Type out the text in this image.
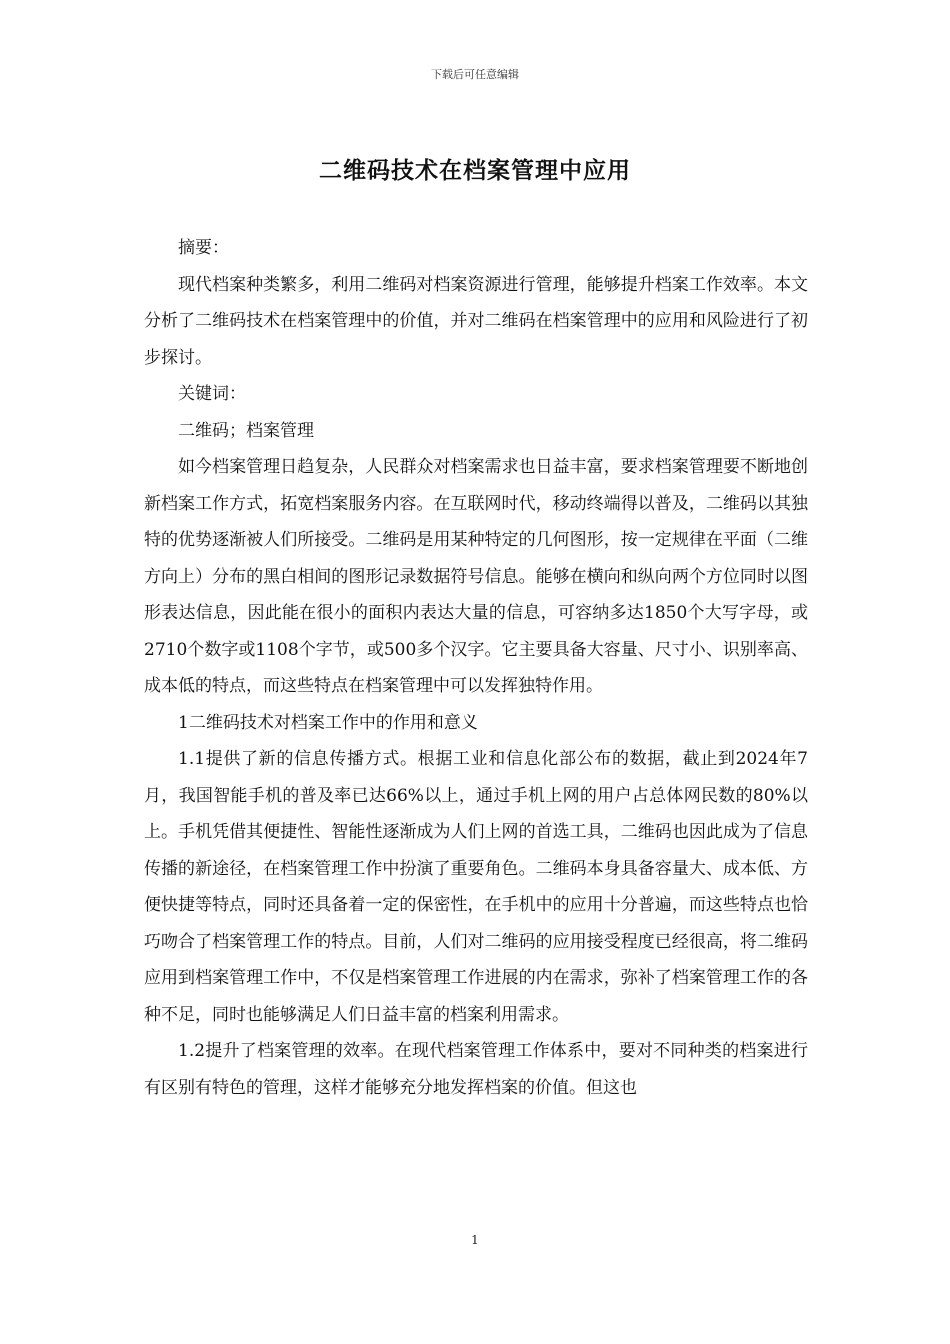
下载后可任意编辑
二维码技术在档案管理中应用

摘要：

现代档案种类繁多，利用二维码对档案资源进行管理，能够提升档案工作效率。本文分析了二维码技术在档案管理中的价值，并对二维码在档案管理中的应用和风险进行了初步探讨。

关键词：

二维码；档案管理

如今档案管理日趋复杂，人民群众对档案需求也日益丰富，要求档案管理要不断地创新档案工作方式，拓宽档案服务内容。在互联网时代，移动终端得以普及，二维码以其独特的优势逐渐被人们所接受。二维码是用某种特定的几何图形，按一定规律在平面（二维方向上）分布的黑白相间的图形记录数据符号信息。能够在横向和纵向两个方位同时以图形表达信息，因此能在很小的面积内表达大量的信息，可容纳多达1850个大写字母，或2710个数字或1108个字节，或500多个汉字。它主要具备大容量、尺寸小、识别率高、成本低的特点，而这些特点在档案管理中可以发挥独特作用。

1二维码技术对档案工作中的作用和意义

1.1提供了新的信息传播方式。根据工业和信息化部公布的数据，截止到2024年7月，我国智能手机的普及率已达66%以上，通过手机上网的用户占总体网民数的80%以上。手机凭借其便捷性、智能性逐渐成为人们上网的首选工具，二维码也因此成为了信息传播的新途径，在档案管理工作中扮演了重要角色。二维码本身具备容量大、成本低、方便快捷等特点，同时还具备着一定的保密性，在手机中的应用十分普遍，而这些特点也恰巧吻合了档案管理工作的特点。目前，人们对二维码的应用接受程度已经很高，将二维码应用到档案管理工作中，不仅是档案管理工作进展的内在需求，弥补了档案管理工作的各种不足，同时也能够满足人们日益丰富的档案利用需求。

1.2提升了档案管理的效率。在现代档案管理工作体系中，要对不同种类的档案进行有区别有特色的管理，这样才能够充分地发挥档案的价值。但这也

1
